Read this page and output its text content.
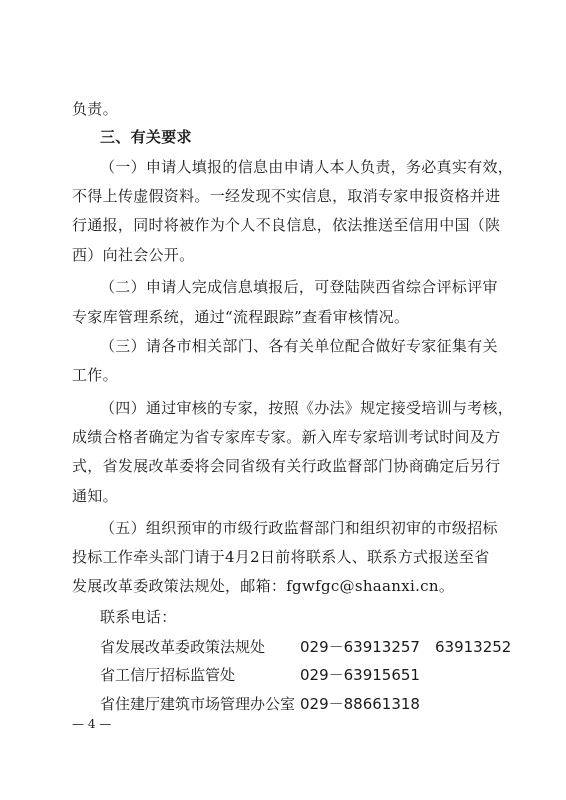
负责。
三、有关要求
（一）申请人填报的信息由申请人本人负责，务必真实有效，
不得上传虚假资料。一经发现不实信息，取消专家申报资格并进
行通报，同时将被作为个人不良信息，依法推送至信用中国（陕
西）向社会公开。
（二）申请人完成信息填报后，可登陆陕西省综合评标评审
专家库管理系统，通过“流程跟踪”查看审核情况。
（三）请各市相关部门、各有关单位配合做好专家征集有关
工作。
（四）通过审核的专家，按照《办法》规定接受培训与考核，
成绩合格者确定为省专家库专家。新入库专家培训考试时间及方
式，省发展改革委将会同省级有关行政监督部门协商确定后另行
通知。
（五）组织预审的市级行政监督部门和组织初审的市级招标
投标工作牵头部门请于4月2日前将联系人、联系方式报送至省
发展改革委政策法规处，邮箱：fgwfgc@shaanxi.cn。
联系电话：
省发展改革委政策法规处 029－63913257　63913252
省工信厅招标监管处	029－63915651
省住建厅建筑市场管理办公室 029－88661318
— 4 —
